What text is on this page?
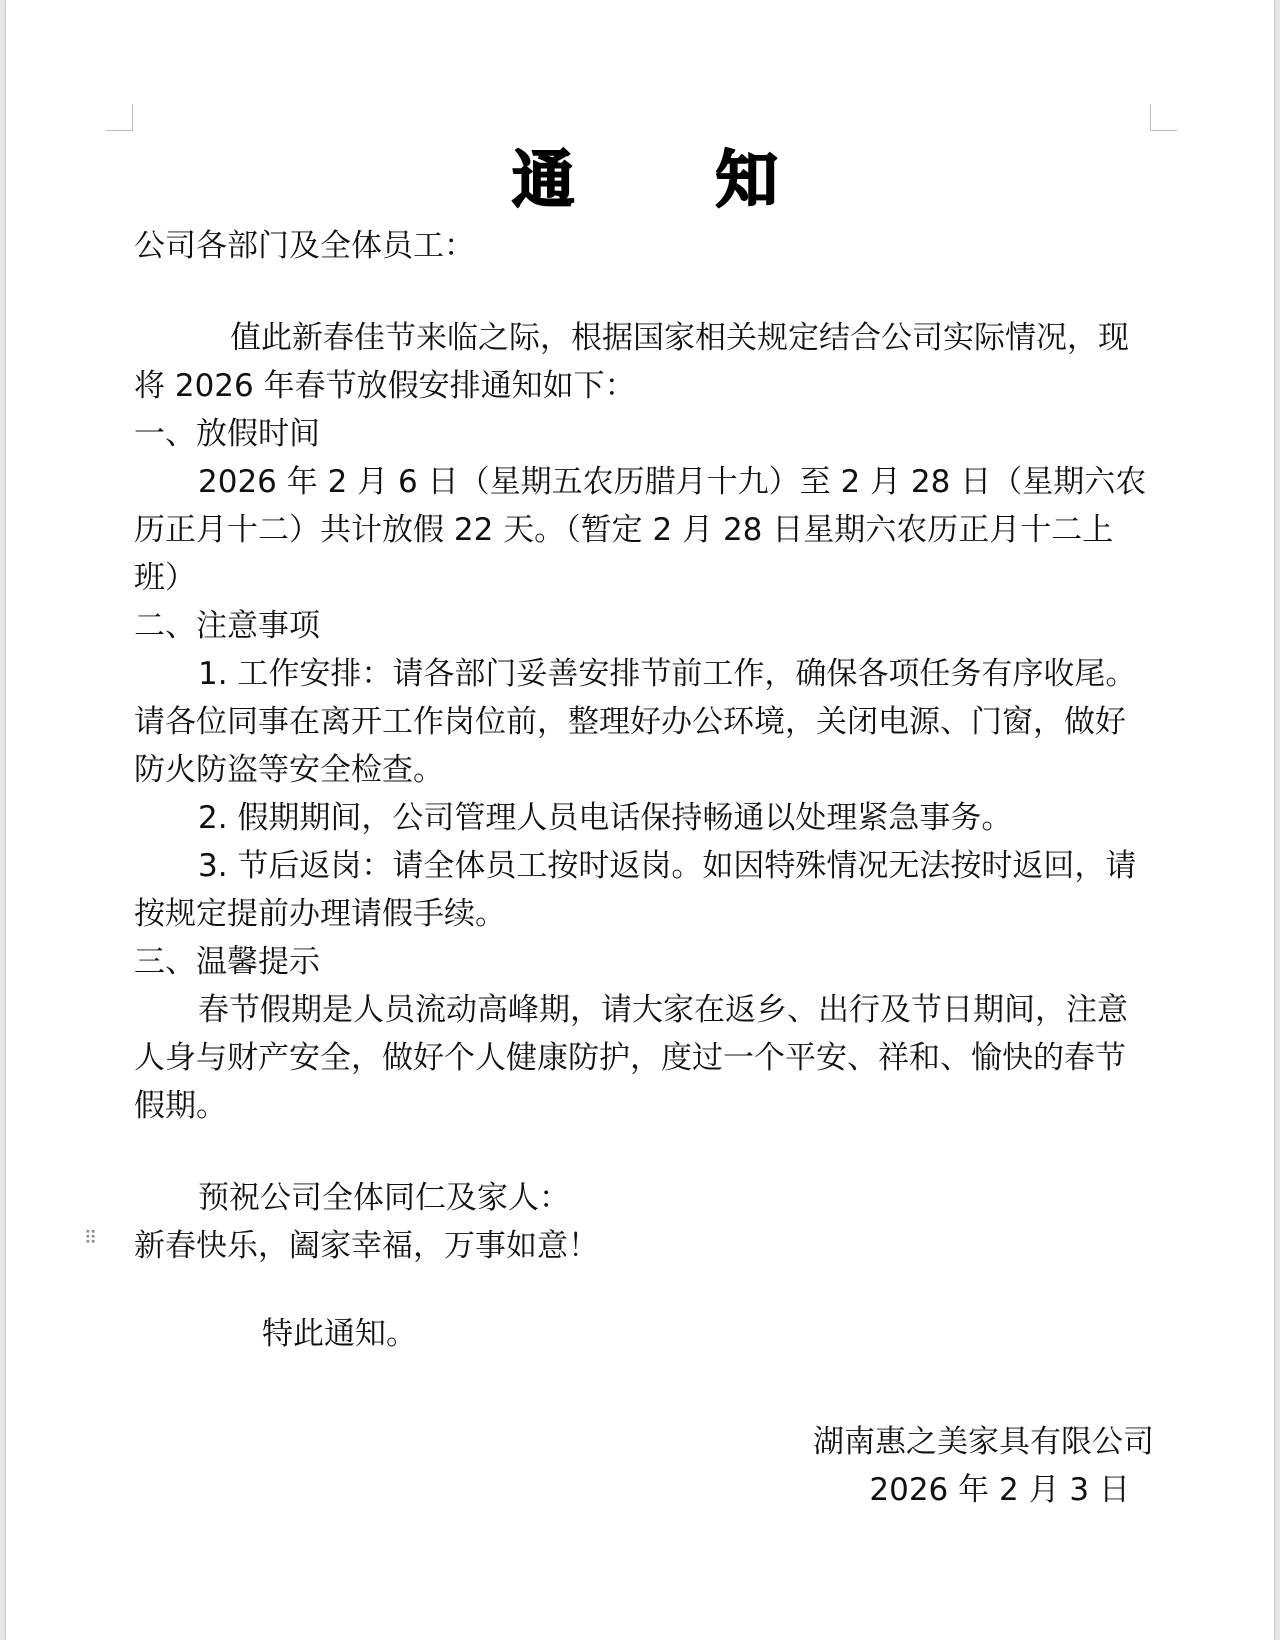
⠿
通 知

公司各部门及全体员工：

值此新春佳节来临之际，根据国家相关规定结合公司实际情况，现将 2026 年春节放假安排通知如下：

一、放假时间

2026 年 2 月 6 日（星期五农历腊月十九）至 2 月 28 日（星期六农历正月十二）共计放假 22 天。（暂定 2 月 28 日星期六农历正月十二上班）

二、注意事项

1. 工作安排：请各部门妥善安排节前工作，确保各项任务有序收尾。请各位同事在离开工作岗位前，整理好办公环境，关闭电源、门窗，做好防火防盗等安全检查。

2. 假期期间，公司管理人员电话保持畅通以处理紧急事务。

3. 节后返岗：请全体员工按时返岗。如因特殊情况无法按时返回，请按规定提前办理请假手续。

三、温馨提示

春节假期是人员流动高峰期，请大家在返乡、出行及节日期间，注意人身与财产安全，做好个人健康防护，度过一个平安、祥和、愉快的春节假期。

预祝公司全体同仁及家人：

新春快乐，阖家幸福，万事如意！

特此通知。

湖南惠之美家具有限公司

2026 年 2 月 3 日
